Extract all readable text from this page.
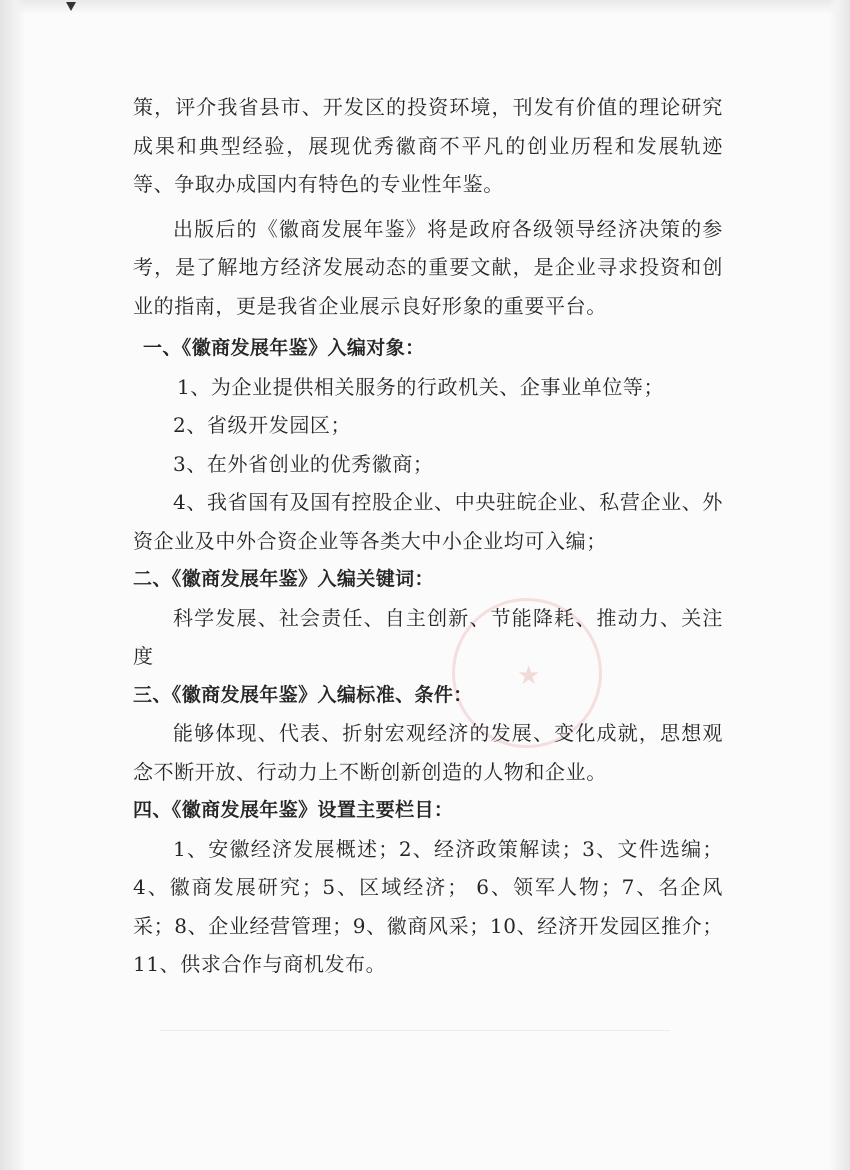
★

策，评介我省县市、开发区的投资环境，刊发有价值的理论研究成果和典型经验，展现优秀徽商不平凡的创业历程和发展轨迹等、争取办成国内有特色的专业性年鉴。

出版后的《徽商发展年鉴》将是政府各级领导经济决策的参考，是了解地方经济发展动态的重要文献，是企业寻求投资和创业的指南，更是我省企业展示良好形象的重要平台。

一、《徽商发展年鉴》入编对象：

1、为企业提供相关服务的行政机关、企事业单位等；

2、省级开发园区；

3、在外省创业的优秀徽商；

4、我省国有及国有控股企业、中央驻皖企业、私营企业、外资企业及中外合资企业等各类大中小企业均可入编；

二、《徽商发展年鉴》入编关键词：

科学发展、社会责任、自主创新、节能降耗、推动力、关注度

三、《徽商发展年鉴》入编标准、条件：

能够体现、代表、折射宏观经济的发展、变化成就，思想观念不断开放、行动力上不断创新创造的人物和企业。

四、《徽商发展年鉴》设置主要栏目：

1、安徽经济发展概述；2、经济政策解读；3、文件选编；4、徽商发展研究；5、区域经济； 6、领军人物；7、名企风采；8、企业经营管理；9、徽商风采；10、经济开发园区推介；11、供求合作与商机发布。
